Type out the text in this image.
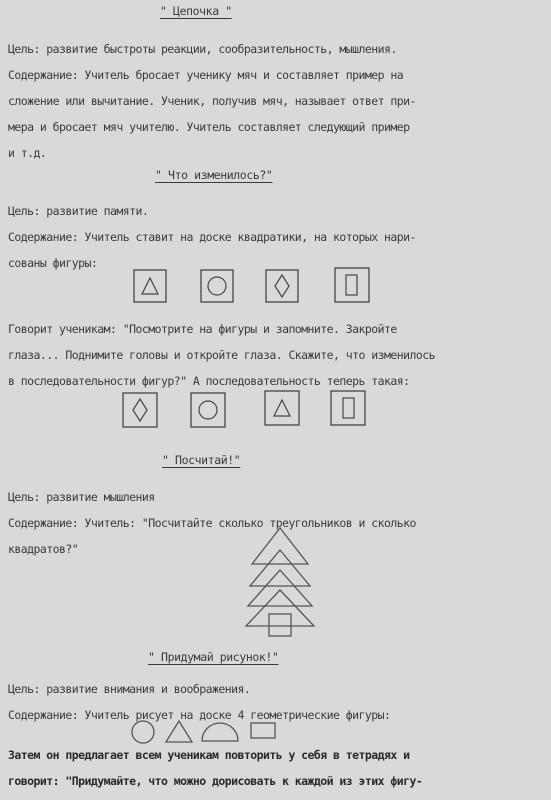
" Цепочка "
Цель: развитие быстроты реакции, сообразительность, мышления.
Содержание: Учитель бросает ученику мяч и составляет пример на
сложение или вычитание. Ученик, получив мяч, называет ответ при-
мера и бросает мяч учителю. Учитель составляет следующий пример
и т.д.
" Что изменилось?"
Цель: развитие памяти.
Содержание: Учитель ставит на доске квадратики, на которых нари-
сованы фигуры:
Говорит ученикам: "Посмотрите на фигуры и запомните. Закройте
глаза... Поднимите головы и откройте глаза. Скажите, что изменилось
в последовательности фигур?" А последовательность теперь такая:
" Посчитай!"
Цель: развитие мышления
Содержание: Учитель: "Посчитайте сколько треугольников и сколько
квадратов?"
" Придумай рисунок!"
Цель: развитие внимания и воображения.
Содержание: Учитель рисует на доске 4 геометрические фигуры:
Затем он предлагает всем ученикам повторить у себя в тетрадях и
говорит: "Придумайте, что можно дорисовать к каждой из этих фигу-
